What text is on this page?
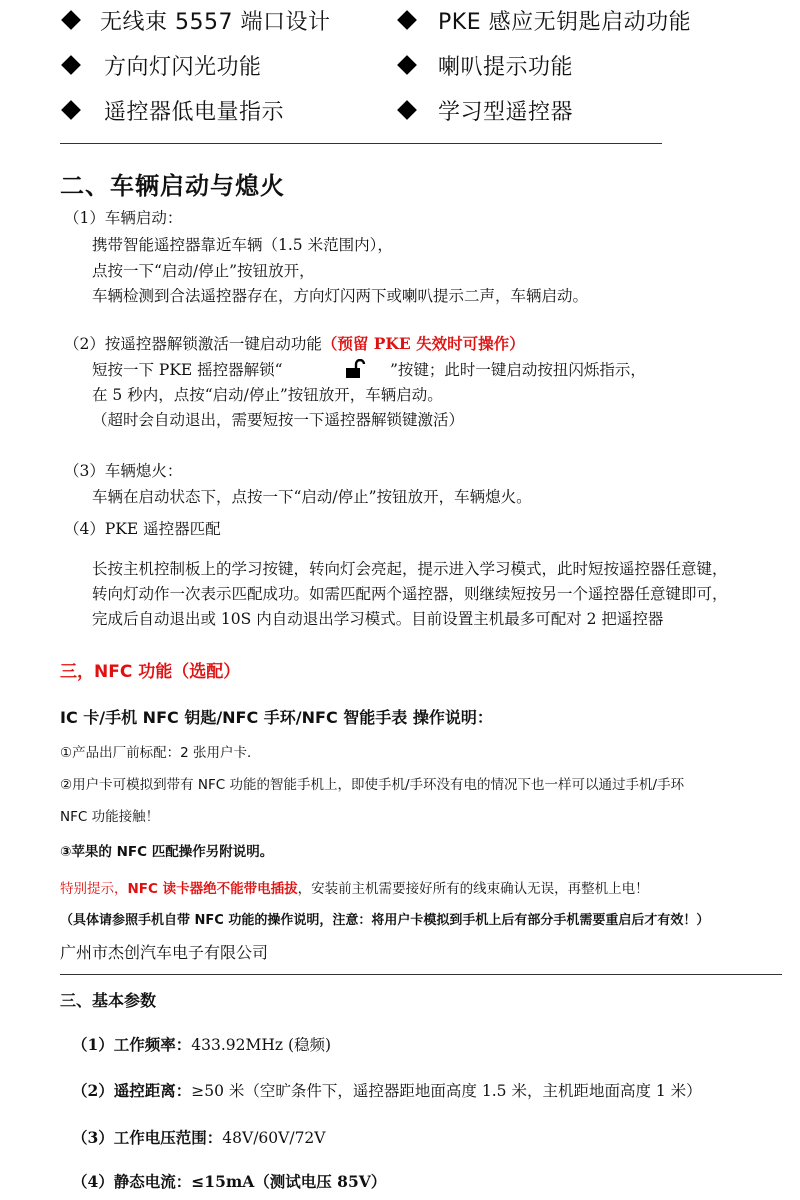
无线束 5557 端口设计	PKE 感应无钥匙启动功能
方向灯闪光功能	喇叭提示功能
遥控器低电量指示	学习型遥控器
二、车辆启动与熄火
（1）车辆启动：
携带智能遥控器靠近车辆（1.5 米范围内），
点按一下“启动/停止”按钮放开，
车辆检测到合法遥控器存在，方向灯闪两下或喇叭提示二声，车辆启动。
（2）按遥控器解锁激活一键启动功能（预留 PKE 失效时可操作）
短按一下 PKE 摇控器解锁“	”按键；此时一键启动按扭闪烁指示，
在 5 秒内，点按“启动/停止”按钮放开，车辆启动。
（超时会自动退出，需要短按一下遥控器解锁键激活）
（3）车辆熄火：
车辆在启动状态下，点按一下“启动/停止”按钮放开，车辆熄火。
（4）PKE 遥控器匹配
长按主机控制板上的学习按键，转向灯会亮起，提示进入学习模式，此时短按遥控器任意键，
转向灯动作一次表示匹配成功。如需匹配两个遥控器，则继续短按另一个遥控器任意键即可，
完成后自动退出或 10S 内自动退出学习模式。目前设置主机最多可配对 2 把遥控器
三，NFC 功能（选配）
IC 卡/手机 NFC 钥匙/NFC 手环/NFC 智能手表 操作说明：
①产品出厂前标配：2 张用户卡．
②用户卡可模拟到带有 NFC 功能的智能手机上，即使手机/手环没有电的情况下也一样可以通过手机/手环
NFC 功能接触！
③苹果的 NFC 匹配操作另附说明。
特别提示，NFC 读卡器绝不能带电插拔，安装前主机需要接好所有的线束确认无误，再整机上电！
（具体请参照手机自带 NFC 功能的操作说明，注意：将用户卡模拟到手机上后有部分手机需要重启后才有效！）
广州市杰创汽车电子有限公司
三、基本参数
（1）工作频率：433.92MHz (稳频)
（2）遥控距离：≥50 米（空旷条件下，遥控器距地面高度 1.5 米，主机距地面高度 1 米）
（3）工作电压范围：48V/60V/72V
（4）静态电流：≤15mA（测试电压 85V）
